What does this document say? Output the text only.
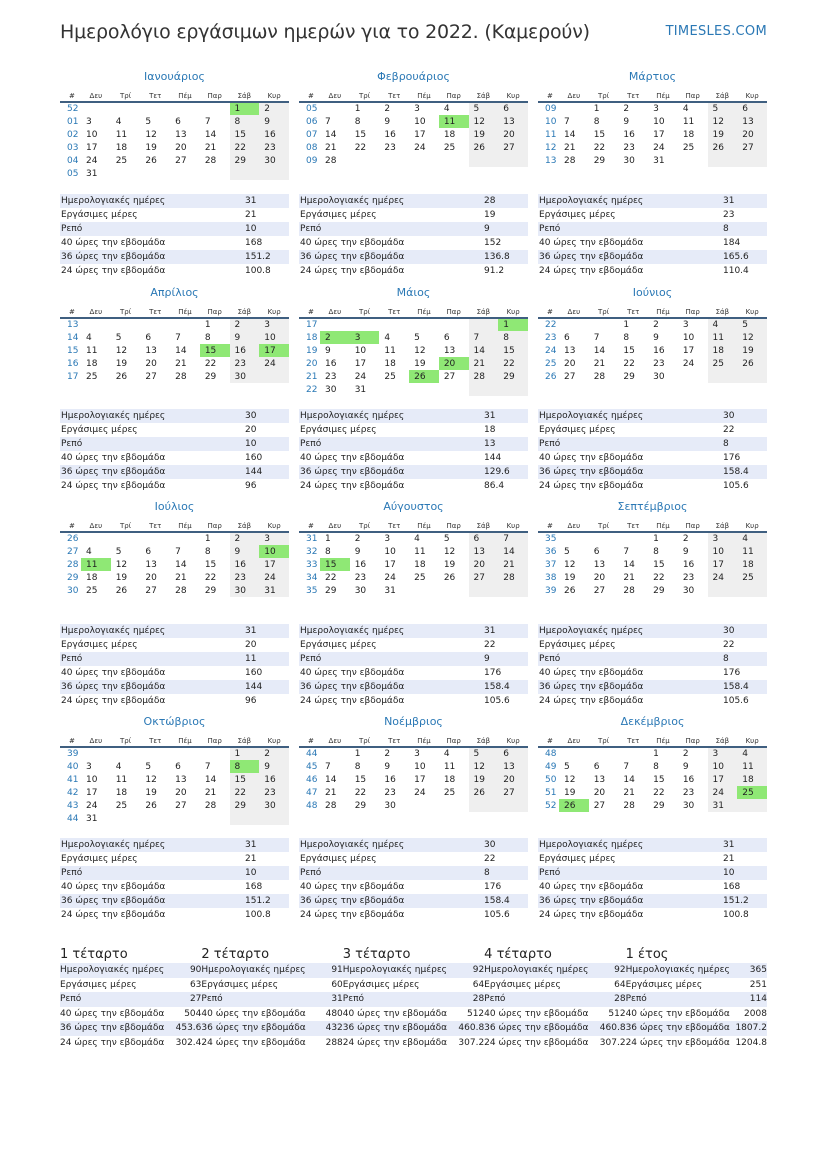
Ημερολόγιο εργάσιμων ημερών για το 2022. (Καμερούν)	TIMESLES.COM
Ιανουάριος
#	Δευ	Τρί	Τετ	Πέμ	Παρ	Σάβ	Κυρ
52						1	2
01	3	4	5	6	7	8	9
02	10	11	12	13	14	15	16
03	17	18	19	20	21	22	23
04	24	25	26	27	28	29	30
05	31						
Φεβρουάριος
#	Δευ	Τρί	Τετ	Πέμ	Παρ	Σάβ	Κυρ
05		1	2	3	4	5	6
06	7	8	9	10	11	12	13
07	14	15	16	17	18	19	20
08	21	22	23	24	25	26	27
09	28						
Μάρτιος
#	Δευ	Τρί	Τετ	Πέμ	Παρ	Σάβ	Κυρ
09		1	2	3	4	5	6
10	7	8	9	10	11	12	13
11	14	15	16	17	18	19	20
12	21	22	23	24	25	26	27
13	28	29	30	31			
Ημερολογιακές ημέρες	31
Εργάσιμες μέρες	21
Ρεπό	10
40 ώρες την εβδομάδα	168
36 ώρες την εβδομάδα	151.2
24 ώρες την εβδομάδα	100.8
Ημερολογιακές ημέρες	28
Εργάσιμες μέρες	19
Ρεπό	9
40 ώρες την εβδομάδα	152
36 ώρες την εβδομάδα	136.8
24 ώρες την εβδομάδα	91.2
Ημερολογιακές ημέρες	31
Εργάσιμες μέρες	23
Ρεπό	8
40 ώρες την εβδομάδα	184
36 ώρες την εβδομάδα	165.6
24 ώρες την εβδομάδα	110.4
Απρίλιος
#	Δευ	Τρί	Τετ	Πέμ	Παρ	Σάβ	Κυρ
13					1	2	3
14	4	5	6	7	8	9	10
15	11	12	13	14	15	16	17
16	18	19	20	21	22	23	24
17	25	26	27	28	29	30	
Μάιος
#	Δευ	Τρί	Τετ	Πέμ	Παρ	Σάβ	Κυρ
17							1
18	2	3	4	5	6	7	8
19	9	10	11	12	13	14	15
20	16	17	18	19	20	21	22
21	23	24	25	26	27	28	29
22	30	31					
Ιούνιος
#	Δευ	Τρί	Τετ	Πέμ	Παρ	Σάβ	Κυρ
22			1	2	3	4	5
23	6	7	8	9	10	11	12
24	13	14	15	16	17	18	19
25	20	21	22	23	24	25	26
26	27	28	29	30			
Ημερολογιακές ημέρες	30
Εργάσιμες μέρες	20
Ρεπό	10
40 ώρες την εβδομάδα	160
36 ώρες την εβδομάδα	144
24 ώρες την εβδομάδα	96
Ημερολογιακές ημέρες	31
Εργάσιμες μέρες	18
Ρεπό	13
40 ώρες την εβδομάδα	144
36 ώρες την εβδομάδα	129.6
24 ώρες την εβδομάδα	86.4
Ημερολογιακές ημέρες	30
Εργάσιμες μέρες	22
Ρεπό	8
40 ώρες την εβδομάδα	176
36 ώρες την εβδομάδα	158.4
24 ώρες την εβδομάδα	105.6
Ιούλιος
#	Δευ	Τρί	Τετ	Πέμ	Παρ	Σάβ	Κυρ
26					1	2	3
27	4	5	6	7	8	9	10
28	11	12	13	14	15	16	17
29	18	19	20	21	22	23	24
30	25	26	27	28	29	30	31
Αύγουστος
#	Δευ	Τρί	Τετ	Πέμ	Παρ	Σάβ	Κυρ
31	1	2	3	4	5	6	7
32	8	9	10	11	12	13	14
33	15	16	17	18	19	20	21
34	22	23	24	25	26	27	28
35	29	30	31				
Σεπτέμβριος
#	Δευ	Τρί	Τετ	Πέμ	Παρ	Σάβ	Κυρ
35				1	2	3	4
36	5	6	7	8	9	10	11
37	12	13	14	15	16	17	18
38	19	20	21	22	23	24	25
39	26	27	28	29	30		
Ημερολογιακές ημέρες	31
Εργάσιμες μέρες	20
Ρεπό	11
40 ώρες την εβδομάδα	160
36 ώρες την εβδομάδα	144
24 ώρες την εβδομάδα	96
Ημερολογιακές ημέρες	31
Εργάσιμες μέρες	22
Ρεπό	9
40 ώρες την εβδομάδα	176
36 ώρες την εβδομάδα	158.4
24 ώρες την εβδομάδα	105.6
Ημερολογιακές ημέρες	30
Εργάσιμες μέρες	22
Ρεπό	8
40 ώρες την εβδομάδα	176
36 ώρες την εβδομάδα	158.4
24 ώρες την εβδομάδα	105.6
Οκτώβριος
#	Δευ	Τρί	Τετ	Πέμ	Παρ	Σάβ	Κυρ
39						1	2
40	3	4	5	6	7	8	9
41	10	11	12	13	14	15	16
42	17	18	19	20	21	22	23
43	24	25	26	27	28	29	30
44	31						
Νοέμβριος
#	Δευ	Τρί	Τετ	Πέμ	Παρ	Σάβ	Κυρ
44		1	2	3	4	5	6
45	7	8	9	10	11	12	13
46	14	15	16	17	18	19	20
47	21	22	23	24	25	26	27
48	28	29	30				
Δεκέμβριος
#	Δευ	Τρί	Τετ	Πέμ	Παρ	Σάβ	Κυρ
48				1	2	3	4
49	5	6	7	8	9	10	11
50	12	13	14	15	16	17	18
51	19	20	21	22	23	24	25
52	26	27	28	29	30	31	
Ημερολογιακές ημέρες	31
Εργάσιμες μέρες	21
Ρεπό	10
40 ώρες την εβδομάδα	168
36 ώρες την εβδομάδα	151.2
24 ώρες την εβδομάδα	100.8
Ημερολογιακές ημέρες	30
Εργάσιμες μέρες	22
Ρεπό	8
40 ώρες την εβδομάδα	176
36 ώρες την εβδομάδα	158.4
24 ώρες την εβδομάδα	105.6
Ημερολογιακές ημέρες	31
Εργάσιμες μέρες	21
Ρεπό	10
40 ώρες την εβδομάδα	168
36 ώρες την εβδομάδα	151.2
24 ώρες την εβδομάδα	100.8
1 τέταρτο
Ημερολογιακές ημέρες	90
Εργάσιμες μέρες	63
Ρεπό	27
40 ώρες την εβδομάδα 504
36 ώρες την εβδομάδα 453.6
24 ώρες την εβδομάδα 302.4
2 τέταρτο
Ημερολογιακές ημέρες	91
Εργάσιμες μέρες	60
Ρεπό	31
40 ώρες την εβδομάδα 480
36 ώρες την εβδομάδα 432
24 ώρες την εβδομάδα 288
3 τέταρτο
Ημερολογιακές ημέρες	92
Εργάσιμες μέρες	64
Ρεπό	28
40 ώρες την εβδομάδα 512
36 ώρες την εβδομάδα 460.8
24 ώρες την εβδομάδα 307.2
4 τέταρτο
Ημερολογιακές ημέρες	92
Εργάσιμες μέρες	64
Ρεπό	28
40 ώρες την εβδομάδα 512
36 ώρες την εβδομάδα 460.8
24 ώρες την εβδομάδα 307.2
1 έτος
Ημερολογιακές ημέρες 365
Εργάσιμες μέρες	251
Ρεπό	114
40 ώρες την εβδομάδα 2008
36 ώρες την εβδομάδα 1807.2
24 ώρες την εβδομάδα 1204.8
